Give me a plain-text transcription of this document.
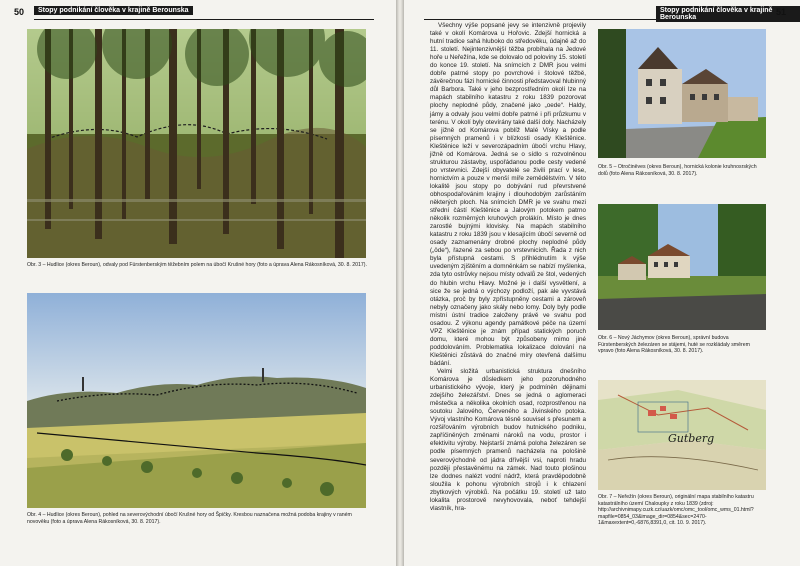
50	Stopy podnikání člověka v krajině Berounska
Obr. 3 – Hudlice (okres Beroun), odvaly pod Fürstenberským těžebním polem na úbočí Krušné hory (foto a úprava Alena Rákosníková, 30. 8. 2017).
Obr. 4 – Hudlice (okres Beroun), pohled na severovýchodní úbočí Krušné hory od Špičky. Kresbou naznačena možná podoba krajiny v raném novověku (foto a úprava Alena Rákosníková, 30. 8. 2017).
Stopy podnikání člověka v krajině Berounska
51
Obr. 5 – Otročiněves (okres Beroun), hornická kolonie kruhnosrských dolů (foto Alena Rákosníková, 30. 8. 2017).
Obr. 6 – Nový Jáchymov (okres Beroun), správní budova Fürstenberských železáren se stájemi, huté se rozkládaly směrem vpravo (foto Alena Rákosníková, 30. 8. 2017).
Gutberg
Obr. 7 – Neřežín (okres Beroun), originální mapa stabilního katastru katastrálního území Chaloupky z roku 1839 (zdroj: http://archivnimapy.cuzk.cz/uazk/omc/omc_tool/omc_wms_01.html?mapfile=0854_03&image_dir=0854&sec=2470-1&maxextent=0,-6876,8391,0, cit. 10. 9. 2017).

Všechny výše popsané jevy se intenzivně projevily také v okolí Komárova u Hořovic. Zdejší hornická a hutní tradice sahá hluboko do středověku, údajně až do 11. století. Nejintenzivnější těžba probíhala na Jedové hoře u Neřežína, kde se dolovalo od poloviny 15. století do konce 19. století. Na snímcích z DMR jsou velmi dobře patrné stopy po povrchové i štolové těžbě, závěrečnou fázi hornické činnosti představoval hlubinný důl Barbora. Také v jeho bezprostředním okolí lze na mapách stabilního katastru z roku 1839 pozorovat plochy neplodné půdy, značené jako „oede“. Haldy, jámy a odvaly jsou velmi dobře patrné i při průzkumu v terénu. V okolí byly otevírány také další doly. Nacházely se jižně od Komárova poblíž Malé Vísky a podle písemných pramenů i v blízkosti osady Kleštěnice. Kleštěnice leží v severozápadním úbočí vrchu Hlavy, jižně od Komárova. Jedná se o sídlo s rozvolněnou strukturou zástavby, uspořádanou podle cesty vedené po vrstevnici. Zdejší obyvatelé se živili prací v lese, hornictvím a pouze v menší míře zemědělstvím. V této lokalitě jsou stopy po dobývání rud převrstvené obhospodařovánim krajiny i dlouhodobým zarůstáním některých ploch. Na snímcích DMR je ve svahu mezi střední částí Kleštěnice a Jalovým potokem patrno několik rozměrných kruhových prolákín. Místo je dnes zarostlé bujnými klovisky. Na mapách stabilního katastru z roku 1839 jsou v klesajícím úbočí severně od osady zaznamenány drobné plochy neplodné půdy („öde“), řazené za sebou po vrstevnicích. Řada z nich byla přístupná cestami. S přihlédnutím k výše uvedeným zjištěním a domněnkám se nabízí myšlenka, zda tyto ostrůvky nejsou místy odvalů ze štol, vedených do hlubin vrchu Hlavy. Možné je i další vysvětlení, a sice že se jedná o výchozy podloží, pak ale vyvstává otázka, proč by byly zpřístupněny cestami a zároveň nebyly označeny jako skály nebo lomy. Doly byly podle místní ústní tradice založeny právě ve svahu pod osadou. Z výkonu agendy památkové péče na území VPZ Kleštěnice je znám případ statických poruch domu, které mohou být způsobeny mimo jiné poddolováním. Problematika lokalizace dolování na Kleštěnici zůstává do značné míry otevřená dalšímu bádání.

Velmi složitá urbanistická struktura dnešního Komárova je důsledkem jeho pozoruhodného urbanistického vývoje, který je podmíněn dějinami zdejšího železářství. Dnes se jedná o aglomeraci městečka a několika okolních osad, rozprostřenou na soutoku Jalového, Červeného a Jivinského potoka. Vývoj vlastního Komárova těsně souvisel s přesunem a rozšiřováním výrobních budov hutnického podniku, zapříčiněných změnami nároků na vodu, prostor i efektivitu výroby. Nejstarší známá poloha železáren se podle písemných pramenů nacházela na pološině severovýchodně od jádra dřívější vsi, naproti hradu později přestavěnému na zámek. Nad touto plošinou lze dodnes nalézt vodní nádrž, která pravděpodobně sloužila k pohonu výrobních strojů i k chlazení zbytkových výrobků. Na počátku 19. století už tato lokalita prostorově nevyhovovala, neboť tehdejší vlastník, hra-
